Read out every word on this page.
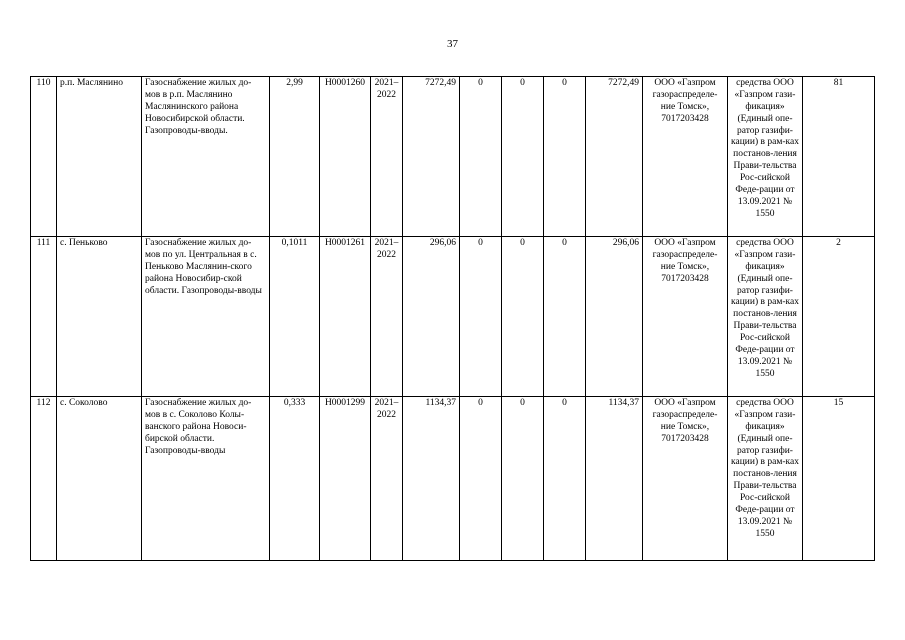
37
110	р.п. Маслянино	Газоснабжение жилых до-мов в р.п. Маслянино Маслянинского района Новосибирской области. Газопроводы-вводы.	2,99	Н0001260	2021–2022	7272,49	0	0	0	7272,49	ООО «Газпром газораспределе-ние Томск», 7017203428	средства ООО «Газпром гази-фикация» (Единый опе-ратор газифи-кации) в рам-ках постанов-ления Прави-тельства Рос-сийской Феде-рации от 13.09.2021 № 1550	81
111	с. Пеньково	Газоснабжение жилых до-мов по ул. Центральная в с. Пеньково Маслянин-ского района Новосибир-ской области. Газопроводы-вводы	0,1011	Н0001261	2021–2022	296,06	0	0	0	296,06	ООО «Газпром газораспределе-ние Томск», 7017203428	средства ООО «Газпром гази-фикация» (Единый опе-ратор газифи-кации) в рам-ках постанов-ления Прави-тельства Рос-сийской Феде-рации от 13.09.2021 № 1550	2
112	с. Соколово	Газоснабжение жилых до-мов в с. Соколово Колы-ванского района Новоси-бирской области. Газопроводы-вводы	0,333	Н0001299	2021–2022	1134,37	0	0	0	1134,37	ООО «Газпром газораспределе-ние Томск», 7017203428	средства ООО «Газпром гази-фикация» (Единый опе-ратор газифи-кации) в рам-ках постанов-ления Прави-тельства Рос-сийской Феде-рации от 13.09.2021 № 1550	15
